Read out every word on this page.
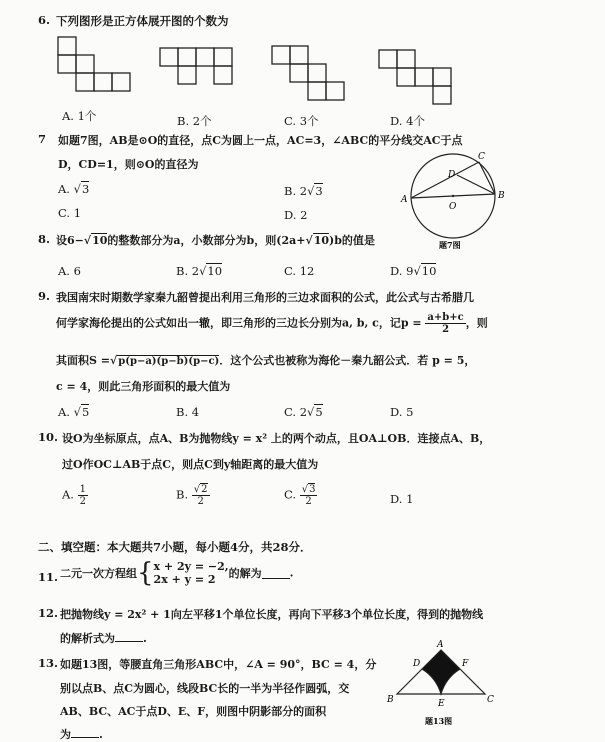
6. 下列图形是正方体展开图的个数为
A. 1个	B. 2个	C. 3个	D. 4个
7 如题7图，AB是⊙O的直径，点C为圆上一点，AC=3，∠ABC的平分线交AC于点
D，CD=1，则⊙O的直径为
A. √3	B. 2√3
C. 1	D. 2
A	B
C
D
O
题7图
8. 设6−√10的整数部分为a，小数部分为b，则(2a+√10)b的值是
A. 6	B. 2√10	C. 12	D. 9√10
9. 我国南宋时期数学家秦九韶曾提出利用三角形的三边求面积的公式，此公式与古希腊几
何学家海伦提出的公式如出一辙，即三角形的三边长分别为a, b, c，记$p = \frac{a+b+c}{2}$ ，则
其面积S =√p(p−a)(p−b)(p−c)．这个公式也被称为海伦－秦九韶公式．若 p = 5，
c = 4，则此三角形面积的最大值为
A. √5	B. 4	C. 2√5	D. 5
10. 设O为坐标原点，点A、B为抛物线y = x² 上的两个动点，且OA⊥OB．连接点A、B，
过O作OC⊥AB于点C，则点C到y轴距离的最大值为
A. $\frac{1}{2}$	B. $\frac{√2}{2}$	C. $\frac{√3}{2}$	D. 1
二、填空题：本大题共7小题，每小题4分，共28分．
11. 二元一次方程组{x + 2y = −2,
2x + y = 2 的解为	.
12. 把抛物线y = 2x² + 1向左平移1个单位长度，再向下平移3个单位长度，得到的抛物线
的解析式为	.
13. 如题13图，等腰直角三角形ABC中，∠A = 90°，BC = 4，分
别以点B、点C为圆心，线段BC长的一半为半径作圆弧，交
AB、BC、AC于点D、E、F，则图中阴影部分的面积
为	.
A
B	C
D
E
F
题13图
